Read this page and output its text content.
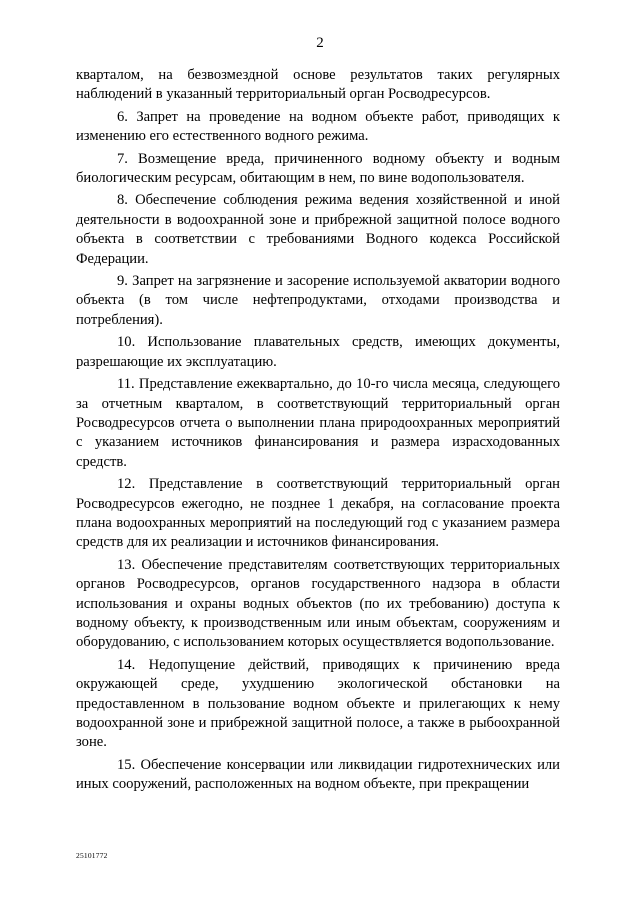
2

кварталом, на безвозмездной основе результатов таких регулярных наблюдений в указанный территориальный орган Росводресурсов.

6. Запрет на проведение на водном объекте работ, приводящих к изменению его естественного водного режима.

7. Возмещение вреда, причиненного водному объекту и водным биологическим ресурсам, обитающим в нем, по вине водопользователя.

8. Обеспечение соблюдения режима ведения хозяйственной и иной деятельности в водоохранной зоне и прибрежной защитной полосе водного объекта в соответствии с требованиями Водного кодекса Российской Федерации.

9. Запрет на загрязнение и засорение используемой акватории водного объекта (в том числе нефтепродуктами, отходами производства и потребления).

10. Использование плавательных средств, имеющих документы, разрешающие их эксплуатацию.

11. Представление ежеквартально, до 10-го числа месяца, следующего за отчетным кварталом, в соответствующий территориальный орган Росводресурсов отчета о выполнении плана природоохранных мероприятий с указанием источников финансирования и размера израсходованных средств.

12. Представление в соответствующий территориальный орган Росводресурсов ежегодно, не позднее 1 декабря, на согласование проекта плана водоохранных мероприятий на последующий год с указанием размера средств для их реализации и источников финансирования.

13. Обеспечение представителям соответствующих территориальных органов Росводресурсов, органов государственного надзора в области использования и охраны водных объектов (по их требованию) доступа к водному объекту, к производственным или иным объектам, сооружениям и оборудованию, с использованием которых осуществляется водопользование.

14. Недопущение действий, приводящих к причинению вреда окружающей среде, ухудшению экологической обстановки на предоставленном в пользование водном объекте и прилегающих к нему водоохранной зоне и прибрежной защитной полосе, а также в рыбоохранной зоне.

15. Обеспечение консервации или ликвидации гидротехнических или иных сооружений, расположенных на водном объекте, при прекращении

25101772
